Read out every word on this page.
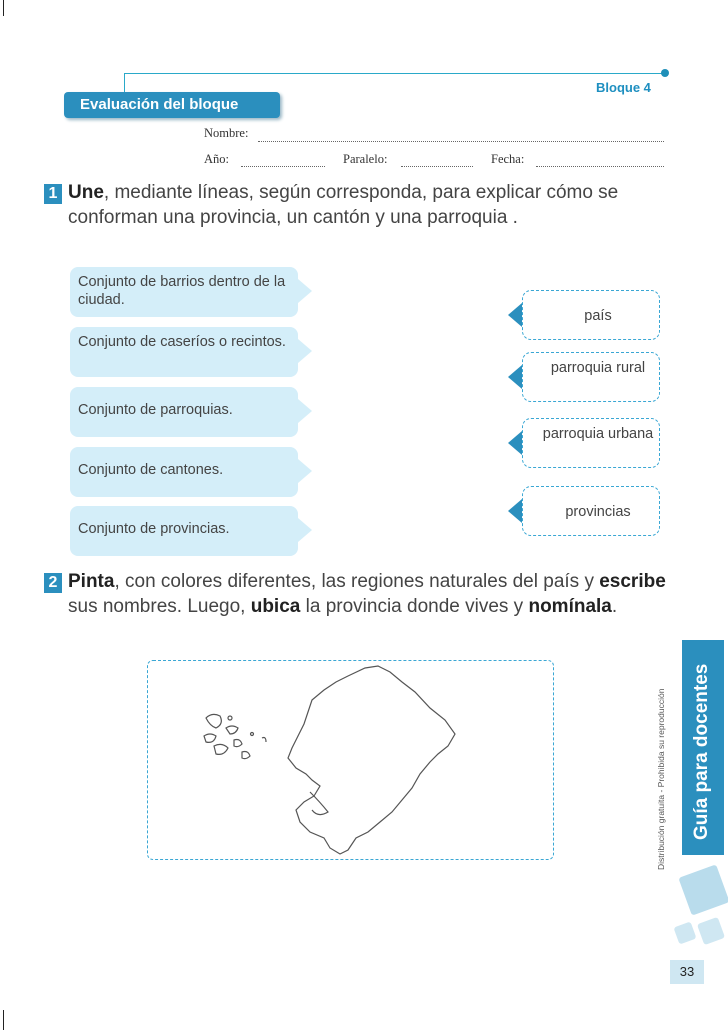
Bloque 4
Evaluación del bloque
Nombre:
Año:	Paralelo:	Fecha:
1 Une, mediante líneas, según corresponda, para explicar cómo se conforman una provincia, un cantón y una parroquia .
Conjunto de barrios dentro de la ciudad.
Conjunto de caseríos o recintos.
Conjunto de parroquias.
Conjunto de cantones.
Conjunto de provincias.
país
parroquia rural
parroquia urbana
provincias
2 Pinta, con colores diferentes, las regiones naturales del país y escribe sus nombres. Luego, ubica la provincia donde vives y nomínala.
Distribución gratuita - Prohibida su reproducción Guía para docentes
33
